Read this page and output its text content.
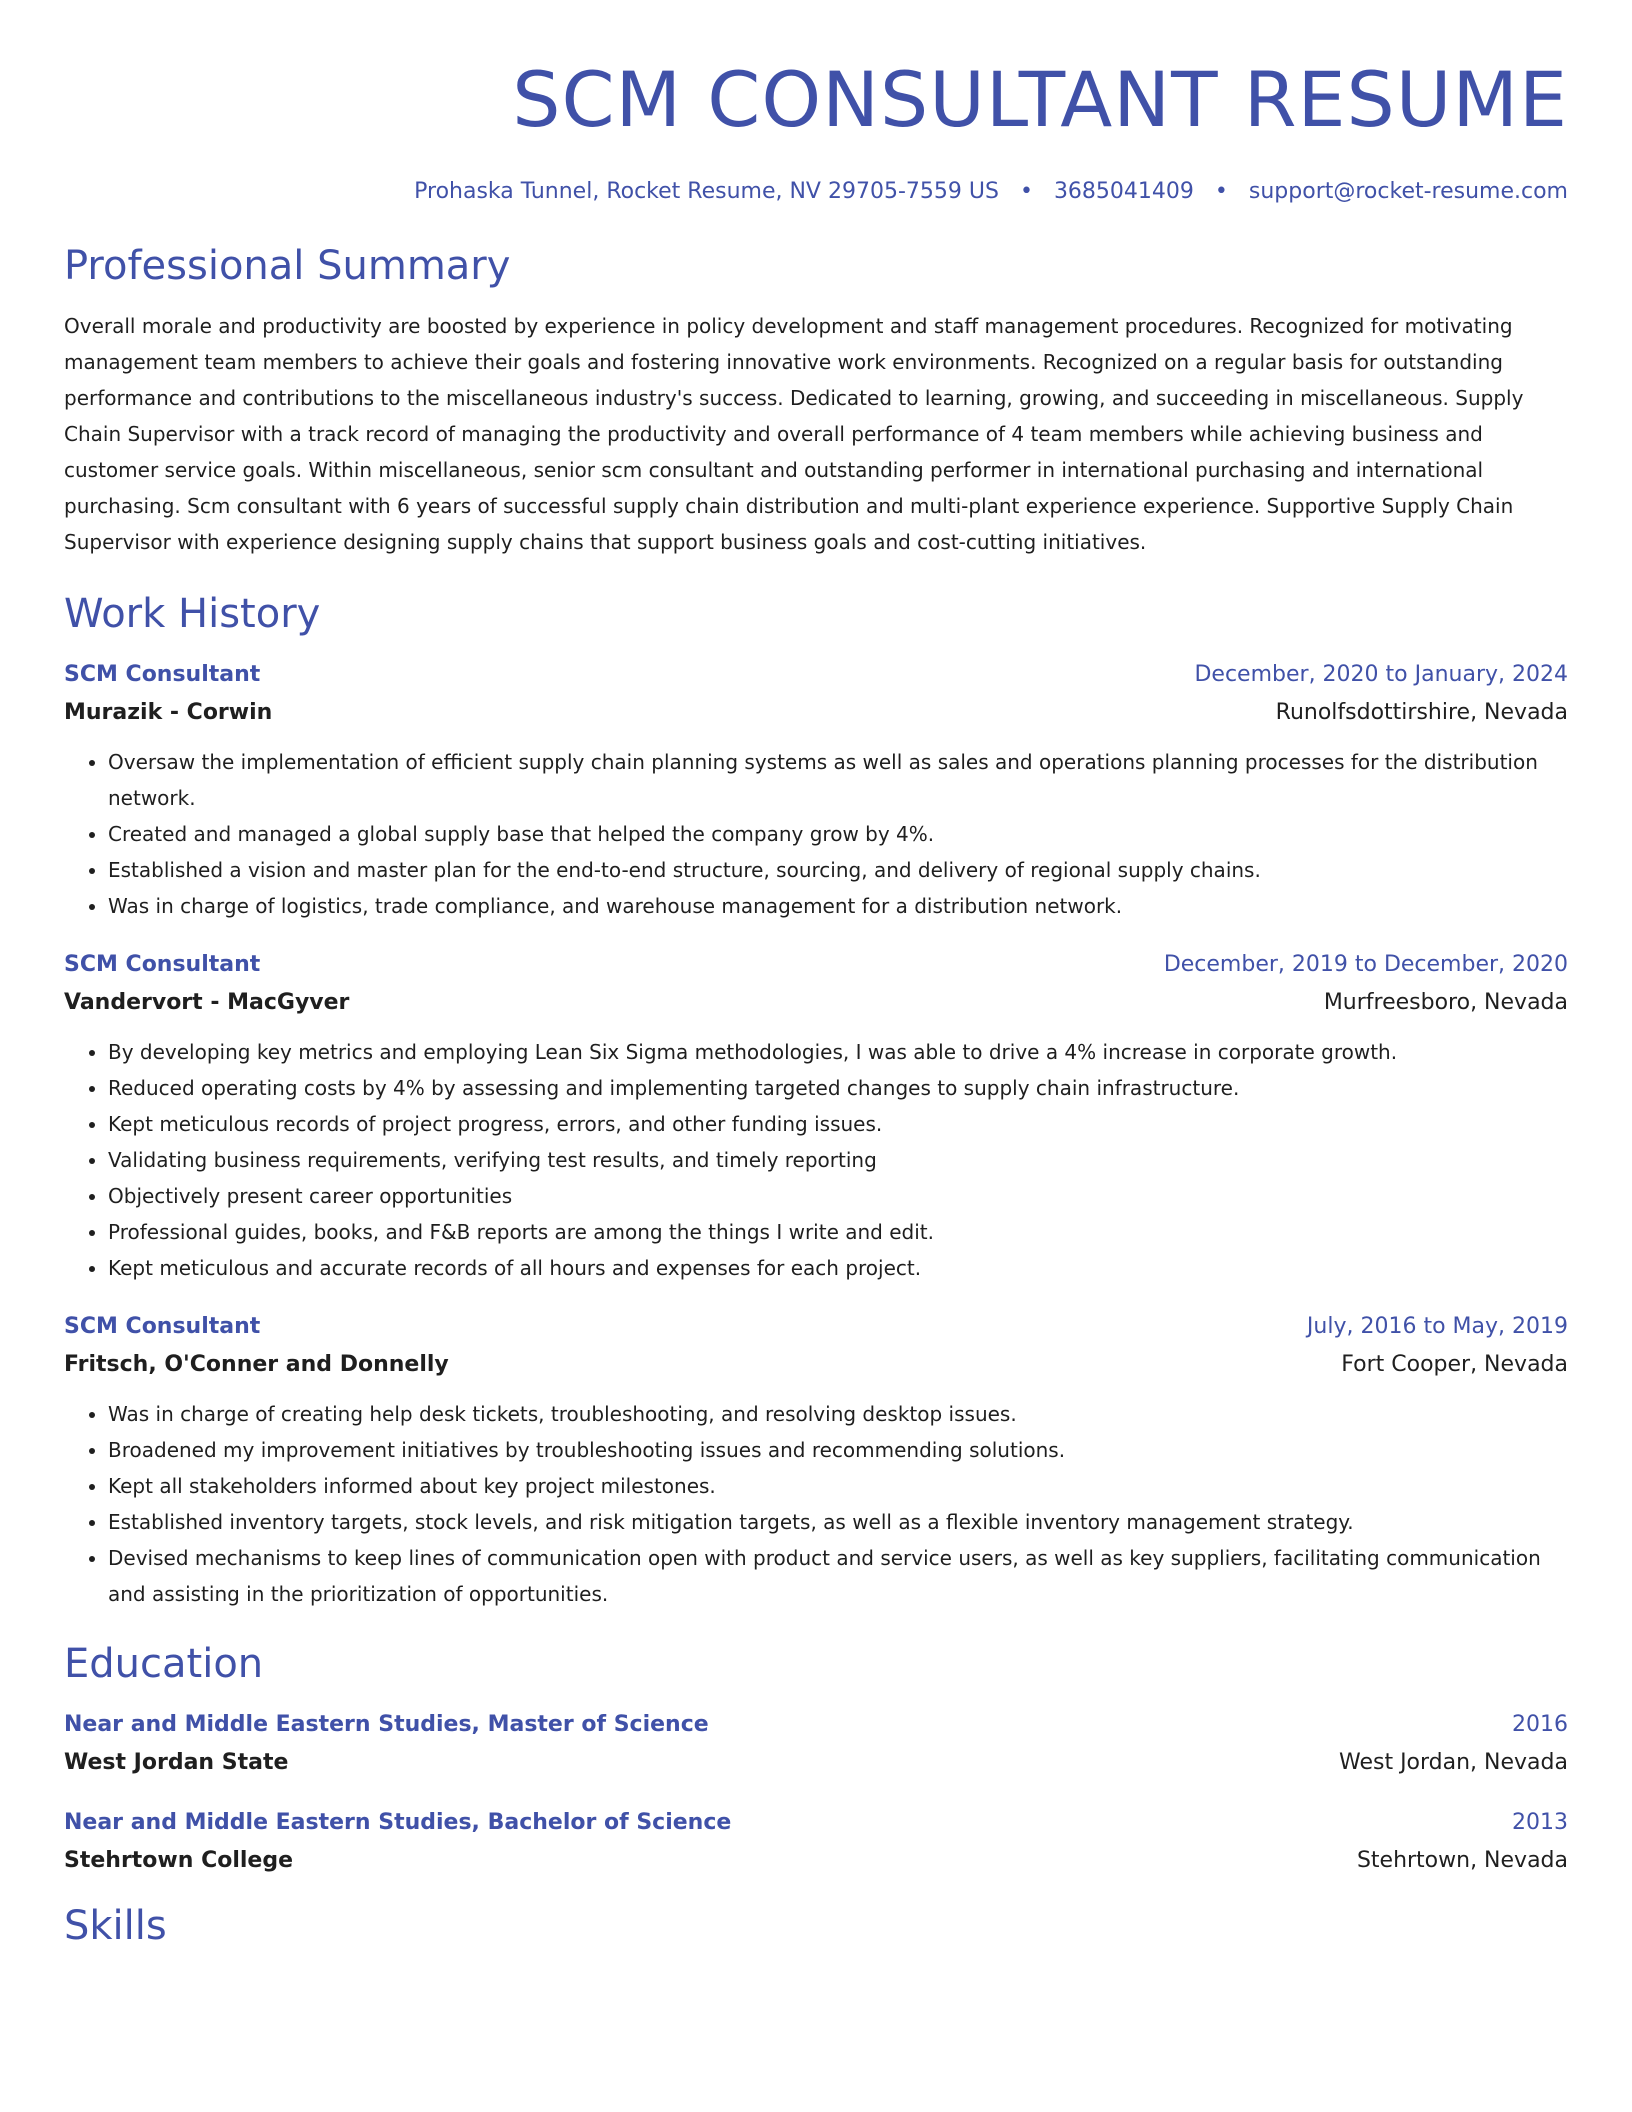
SCM CONSULTANT RESUME
Prohaska Tunnel, Rocket Resume, NV 29705-7559 US • 3685041409 • support@rocket-resume.com
Professional Summary

Overall morale and productivity are boosted by experience in policy development and staff management procedures. Recognized for motivating management team members to achieve their goals and fostering innovative work environments. Recognized on a regular basis for outstanding performance and contributions to the miscellaneous industry's success. Dedicated to learning, growing, and succeeding in miscellaneous. Supply Chain Supervisor with a track record of managing the productivity and overall performance of 4 team members while achieving business and customer service goals. Within miscellaneous, senior scm consultant and outstanding performer in international purchasing and international purchasing. Scm consultant with 6 years of successful supply chain distribution and multi-plant experience experience. Supportive Supply Chain Supervisor with experience designing supply chains that support business goals and cost-cutting initiatives.

Work History
SCM Consultant	December, 2020 to January, 2024
Murazik - Corwin	Runolfsdottirshire, Nevada
• Oversaw the implementation of efficient supply chain planning systems as well as sales and operations planning processes for the distribution network.
• Created and managed a global supply base that helped the company grow by 4%.
• Established a vision and master plan for the end-to-end structure, sourcing, and delivery of regional supply chains.
• Was in charge of logistics, trade compliance, and warehouse management for a distribution network.
SCM Consultant	December, 2019 to December, 2020
Vandervort - MacGyver	Murfreesboro, Nevada
• By developing key metrics and employing Lean Six Sigma methodologies, I was able to drive a 4% increase in corporate growth.
• Reduced operating costs by 4% by assessing and implementing targeted changes to supply chain infrastructure.
• Kept meticulous records of project progress, errors, and other funding issues.
• Validating business requirements, verifying test results, and timely reporting
• Objectively present career opportunities
• Professional guides, books, and F&B reports are among the things I write and edit.
• Kept meticulous and accurate records of all hours and expenses for each project.
SCM Consultant	July, 2016 to May, 2019
Fritsch, O'Conner and Donnelly	Fort Cooper, Nevada
• Was in charge of creating help desk tickets, troubleshooting, and resolving desktop issues.
• Broadened my improvement initiatives by troubleshooting issues and recommending solutions.
• Kept all stakeholders informed about key project milestones.
• Established inventory targets, stock levels, and risk mitigation targets, as well as a flexible inventory management strategy.
• Devised mechanisms to keep lines of communication open with product and service users, as well as key suppliers, facilitating communication and assisting in the prioritization of opportunities.
Education
Near and Middle Eastern Studies, Master of Science	2016
West Jordan State	West Jordan, Nevada
Near and Middle Eastern Studies, Bachelor of Science	2013
Stehrtown College	Stehrtown, Nevada
Skills
